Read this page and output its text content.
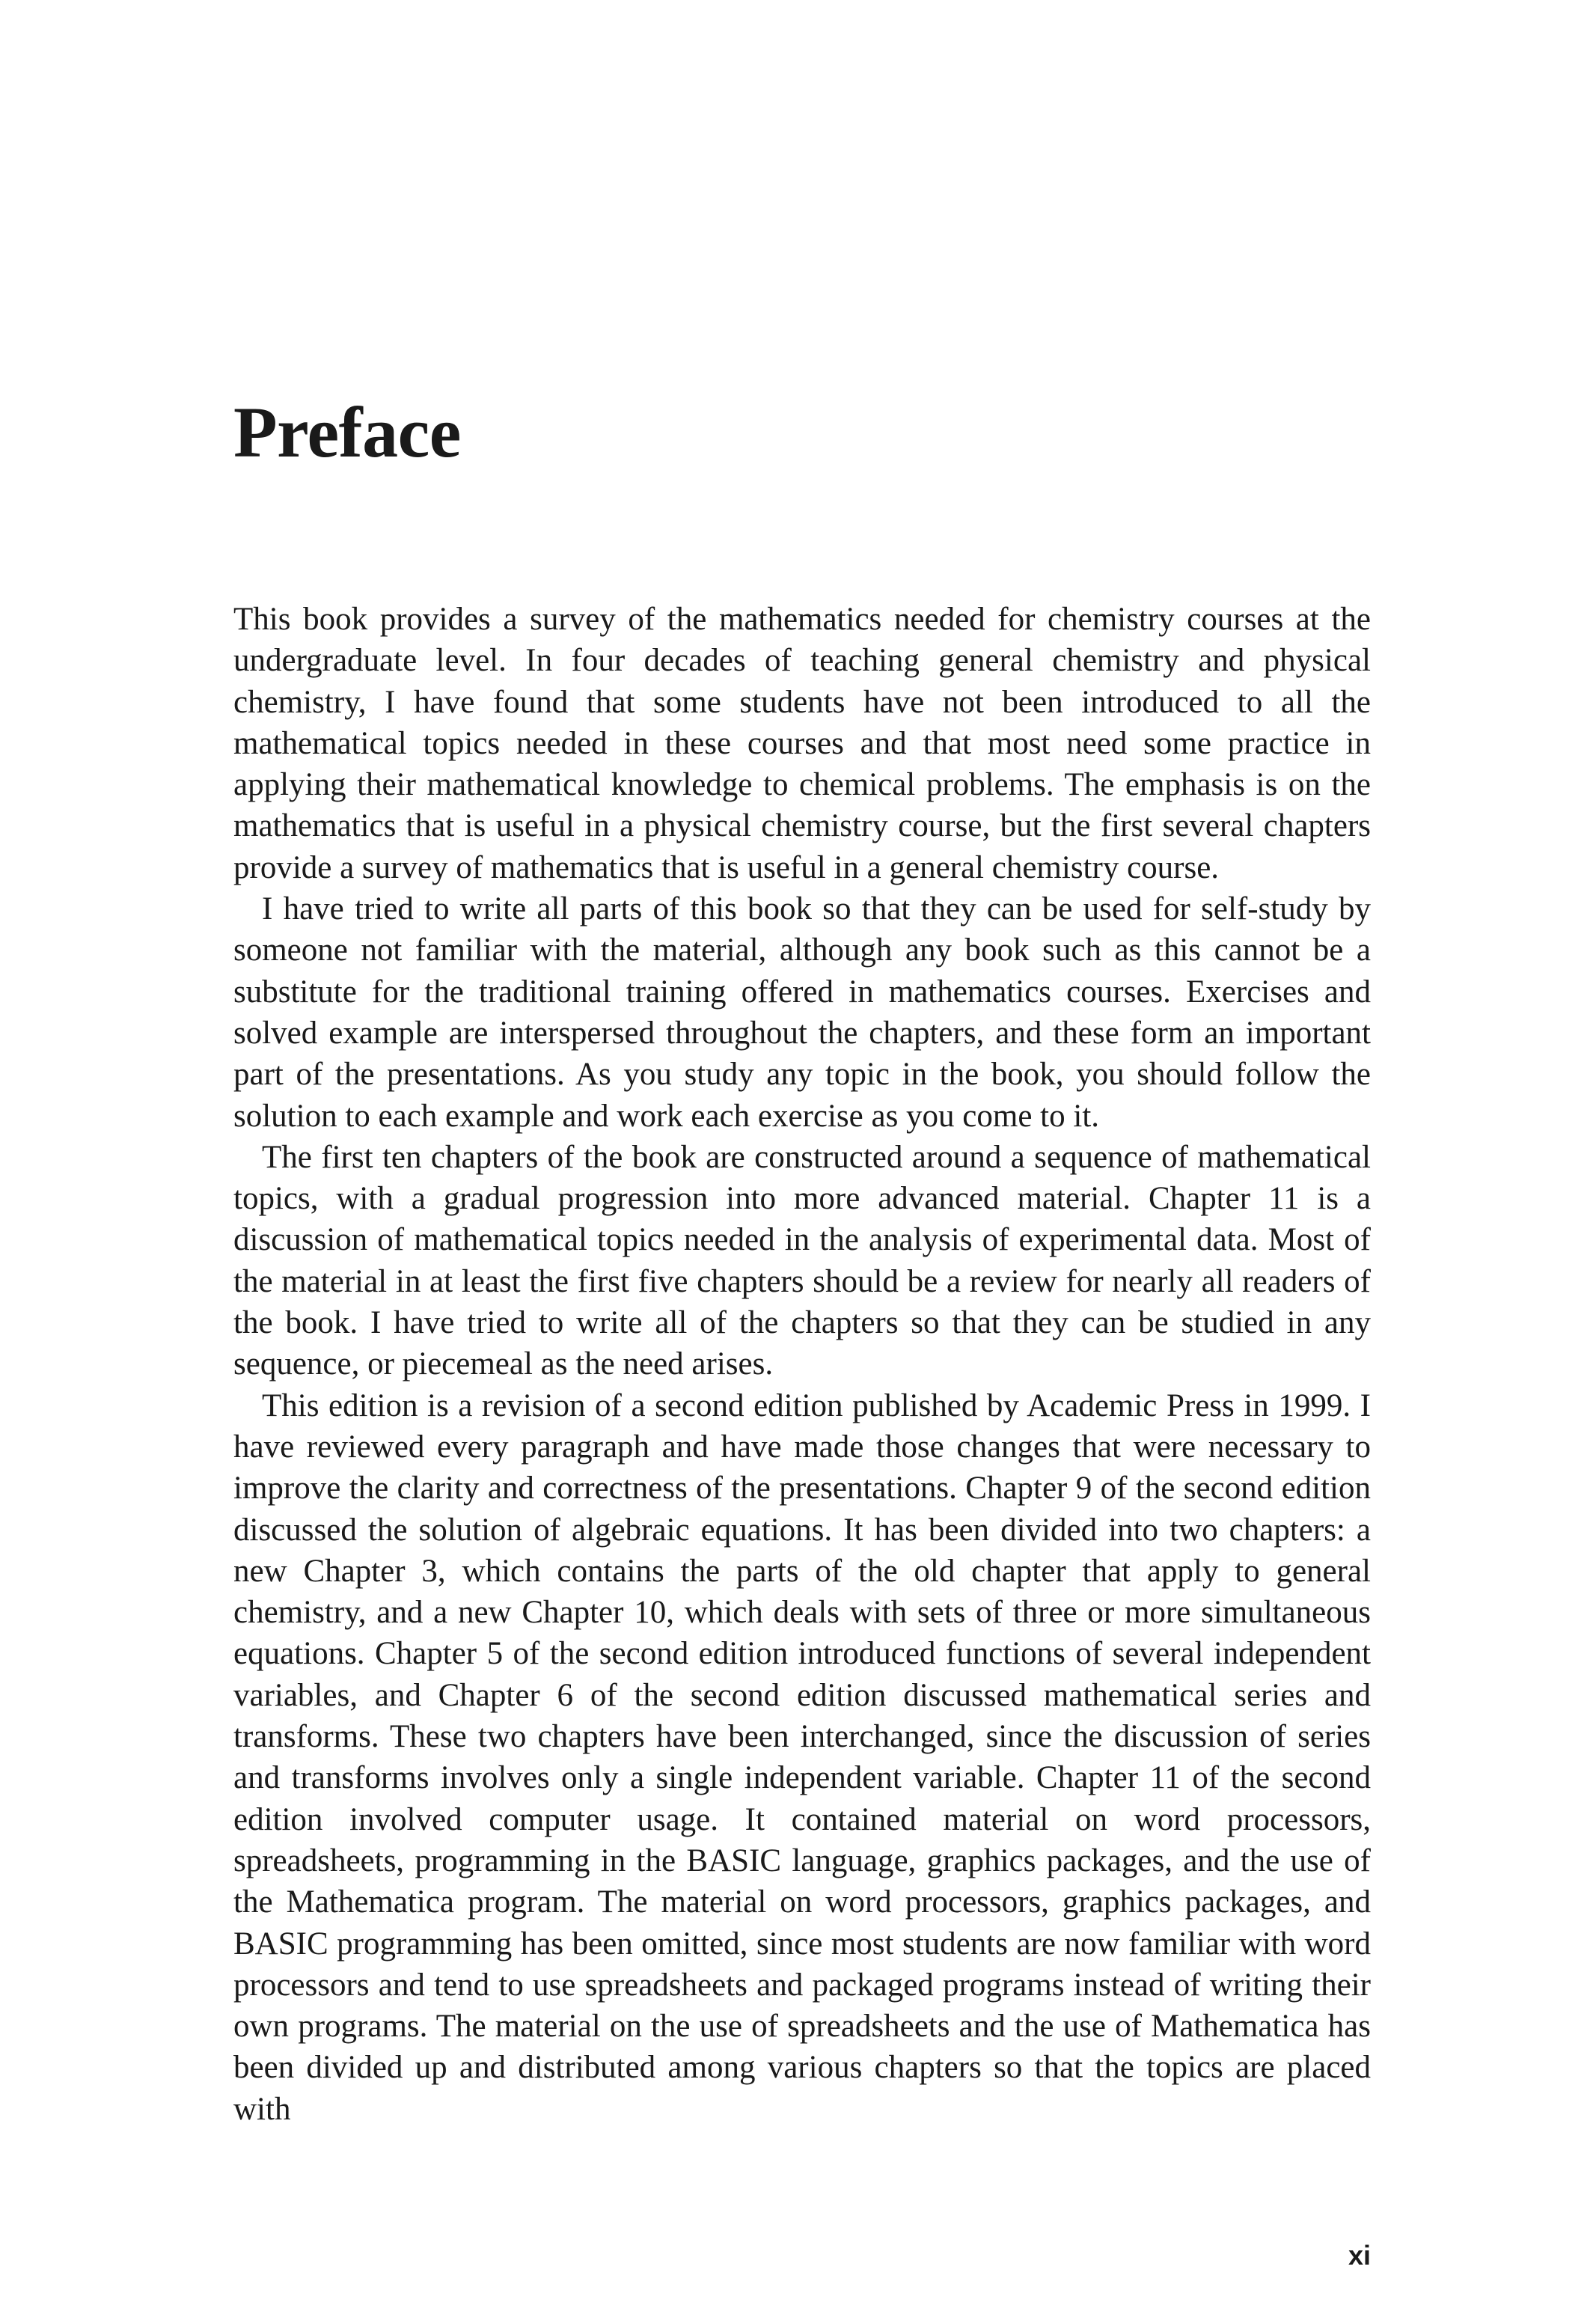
Preface

This book provides a survey of the mathematics needed for chemistry courses at the undergraduate level. In four decades of teaching general chemistry and physical chemistry, I have found that some students have not been introduced to all the mathematical topics needed in these courses and that most need some practice in applying their mathematical knowledge to chemical problems. The emphasis is on the mathematics that is useful in a physical chemistry course, but the first several chapters provide a survey of mathematics that is useful in a general chemistry course.

I have tried to write all parts of this book so that they can be used for self-study by someone not familiar with the material, although any book such as this cannot be a substitute for the traditional training offered in mathematics courses. Exercises and solved example are interspersed throughout the chapters, and these form an important part of the presentations. As you study any topic in the book, you should follow the solution to each example and work each exercise as you come to it.

The first ten chapters of the book are constructed around a sequence of mathematical topics, with a gradual progression into more advanced material. Chapter 11 is a discussion of mathematical topics needed in the analysis of experimental data. Most of the material in at least the first five chapters should be a review for nearly all readers of the book. I have tried to write all of the chapters so that they can be studied in any sequence, or piecemeal as the need arises.

This edition is a revision of a second edition published by Academic Press in 1999. I have reviewed every paragraph and have made those changes that were necessary to improve the clarity and correctness of the presentations. Chapter 9 of the second edition discussed the solution of algebraic equations. It has been divided into two chapters: a new Chapter 3, which contains the parts of the old chapter that apply to general chemistry, and a new Chapter 10, which deals with sets of three or more simultaneous equations. Chapter 5 of the second edition introduced functions of several independent variables, and Chapter 6 of the second edition discussed mathematical series and transforms. These two chapters have been interchanged, since the discussion of series and transforms involves only a single independent variable. Chapter 11 of the second edition involved computer usage. It contained material on word processors, spreadsheets, programming in the BASIC language, graphics packages, and the use of the Mathematica program. The material on word processors, graphics packages, and BASIC programming has been omitted, since most students are now familiar with word processors and tend to use spreadsheets and packaged programs instead of writing their own programs. The material on the use of spreadsheets and the use of Mathematica has been divided up and distributed among various chapters so that the topics are placed with

xi
